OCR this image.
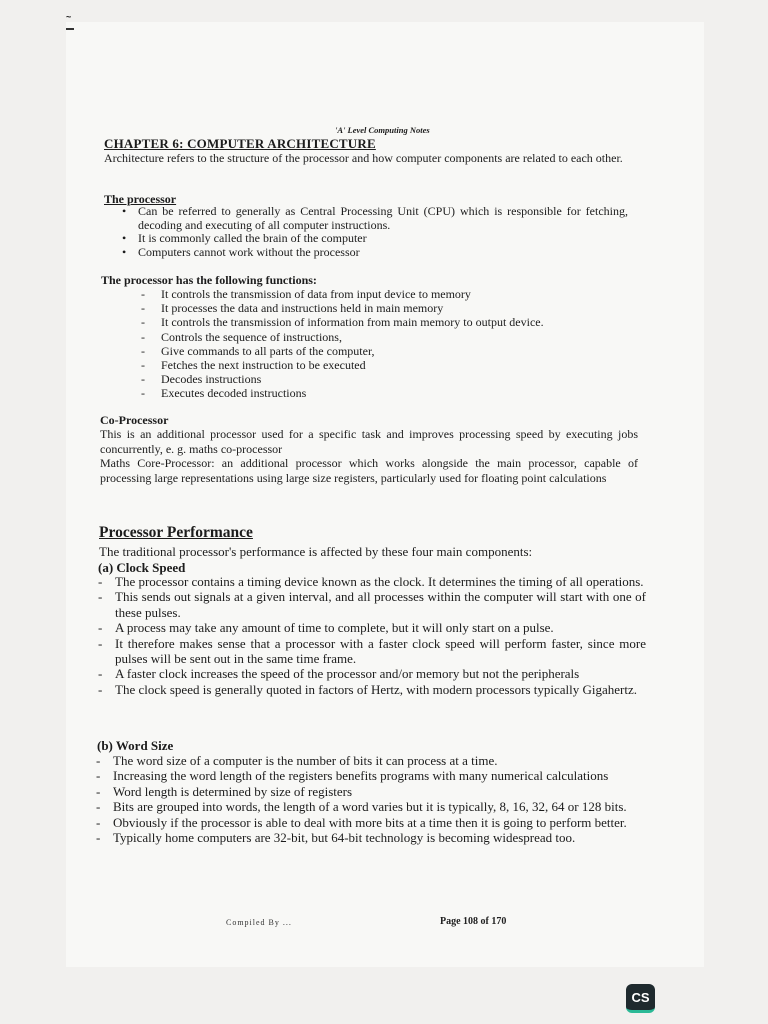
~
'A' Level Computing Notes
CHAPTER 6: COMPUTER ARCHITECTURE

Architecture refers to the structure of the processor and how computer components are related to each other.

The processor
• Can be referred to generally as Central Processing Unit (CPU) which is responsible for fetching, decoding and executing of all computer instructions.
• It is commonly called the brain of the computer
• Computers cannot work without the processor
The processor has the following functions:
- It controls the transmission of data from input device to memory
- It processes the data and instructions held in main memory
- It controls the transmission of information from main memory to output device.
- Controls the sequence of instructions,
- Give commands to all parts of the computer,
- Fetches the next instruction to be executed
- Decodes instructions
- Executes decoded instructions
Co-Processor

This is an additional processor used for a specific task and improves processing speed by executing jobs concurrently, e. g. maths co-processor

Maths Core-Processor: an additional processor which works alongside the main processor, capable of processing large representations using large size registers, particularly used for floating point calculations

Processor Performance

The traditional processor's performance is affected by these four main components:

(a) Clock Speed
- The processor contains a timing device known as the clock. It determines the timing of all operations.
- This sends out signals at a given interval, and all processes within the computer will start with one of these pulses.
- A process may take any amount of time to complete, but it will only start on a pulse.
- It therefore makes sense that a processor with a faster clock speed will perform faster, since more pulses will be sent out in the same time frame.
- A faster clock increases the speed of the processor and/or memory but not the peripherals
- The clock speed is generally quoted in factors of Hertz, with modern processors typically Gigahertz.
(b) Word Size
- The word size of a computer is the number of bits it can process at a time.
- Increasing the word length of the registers benefits programs with many numerical calculations
- Word length is determined by size of registers
- Bits are grouped into words, the length of a word varies but it is typically, 8, 16, 32, 64 or 128 bits.
- Obviously if the processor is able to deal with more bits at a time then it is going to perform better.
- Typically home computers are 32-bit, but 64-bit technology is becoming widespread too.
Compiled By ...	Page 108 of 170
CS
